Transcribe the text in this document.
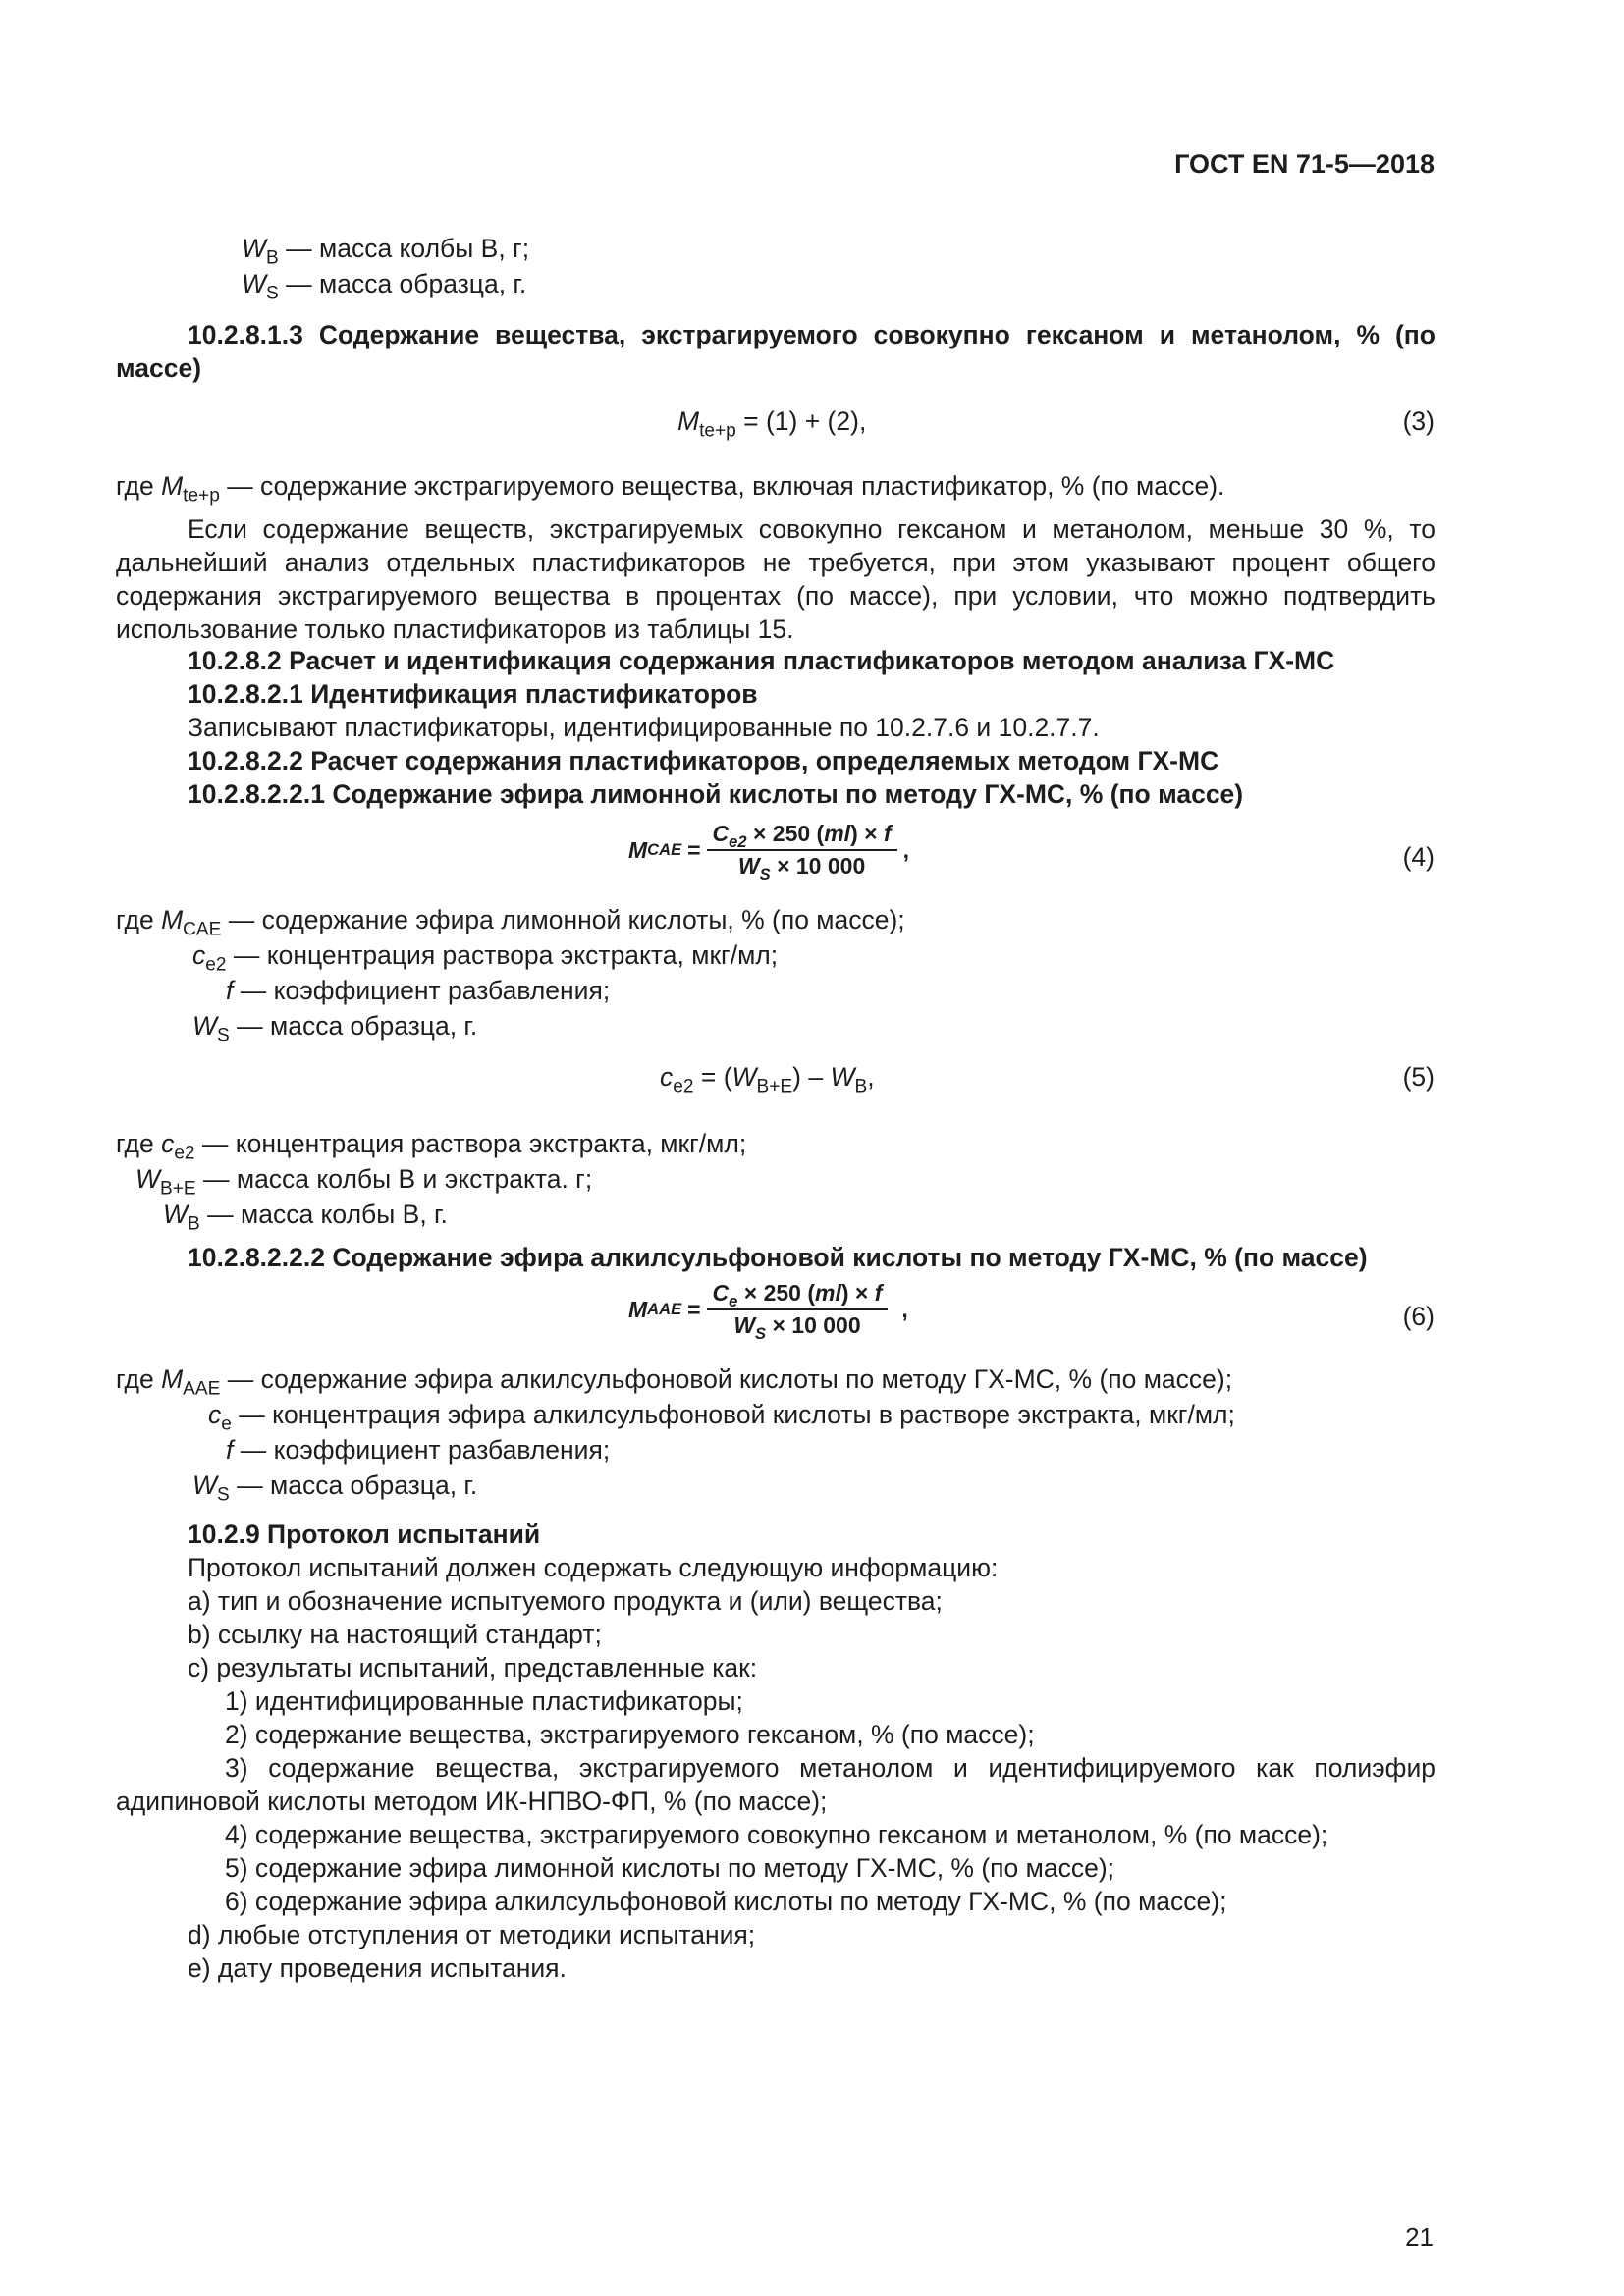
ГОСТ EN 71-5—2018
$W_B$ — масса колбы В, г;
$W_S$ — масса образца, г.
10.2.8.1.3 Содержание вещества, экстрагируемого совокупно гексаном и метанолом, % (по
массе)
$M_{te+p} = (1) + (2)$,	(3)
где $M_{te+p}$ — содержание экстрагируемого вещества, включая пластификатор, % (по массе).
Если содержание веществ, экстрагируемых совокупно гексаном и метанолом, меньше 30 %, то
дальнейший анализ отдельных пластификаторов не требуется, при этом указывают процент общего
содержания экстрагируемого вещества в процентах (по массе), при условии, что можно подтвердить
использование только пластификаторов из таблицы 15.
10.2.8.2 Расчет и идентификация содержания пластификаторов методом анализа ГХ-МС
10.2.8.2.1 Идентификация пластификаторов
Записывают пластификаторы, идентифицированные по 10.2.7.6 и 10.2.7.7.
10.2.8.2.2 Расчет содержания пластификаторов, определяемых методом ГХ-МС
10.2.8.2.2.1 Содержание эфира лимонной кислоты по методу ГХ-МС, % (по массе)
M CAE = $\frac{C_{e2} \times 250 (ml) \times f}{W_S \times 10 000}$ ,	(4)
где $M_{CAE}$ — содержание эфира лимонной кислоты, % (по массе);
$c_{e2}$ — концентрация раствора экстракта, мкг/мл;
f — коэффициент разбавления;
$W_S$ — масса образца, г.
$c_{e2} = (W_{B+E}) - W_B$,	(5)
где $c_{e2}$ — концентрация раствора экстракта, мкг/мл;
$W_{B+E}$ — масса колбы В и экстракта. г;
$W_B$ — масса колбы В, г.
10.2.8.2.2.2 Содержание эфира алкилсульфоновой кислоты по методу ГХ-МС, % (по массе)
M AAE = $\frac{C_e \times 250 (ml) \times f}{W_S \times 10 000}$ ,	(6)
где $M_{AAE}$ — содержание эфира алкилсульфоновой кислоты по методу ГХ-МС, % (по массе);
$c_e$ — концентрация эфира алкилсульфоновой кислоты в растворе экстракта, мкг/мл;
f — коэффициент разбавления;
$W_S$ — масса образца, г.
10.2.9 Протокол испытаний
Протокол испытаний должен содержать следующую информацию:
a) тип и обозначение испытуемого продукта и (или) вещества;
b) ссылку на настоящий стандарт;
c) результаты испытаний, представленные как:
1) идентифицированные пластификаторы;
2) содержание вещества, экстрагируемого гексаном, % (по массе);
3) содержание вещества, экстрагируемого метанолом и идентифицируемого как полиэфир
адипиновой кислоты методом ИК-НПВО-ФП, % (по массе);
4) содержание вещества, экстрагируемого совокупно гексаном и метанолом, % (по массе);
5) содержание эфира лимонной кислоты по методу ГХ-МС, % (по массе);
6) содержание эфира алкилсульфоновой кислоты по методу ГХ-МС, % (по массе);
d) любые отступления от методики испытания;
e) дату проведения испытания.
21
